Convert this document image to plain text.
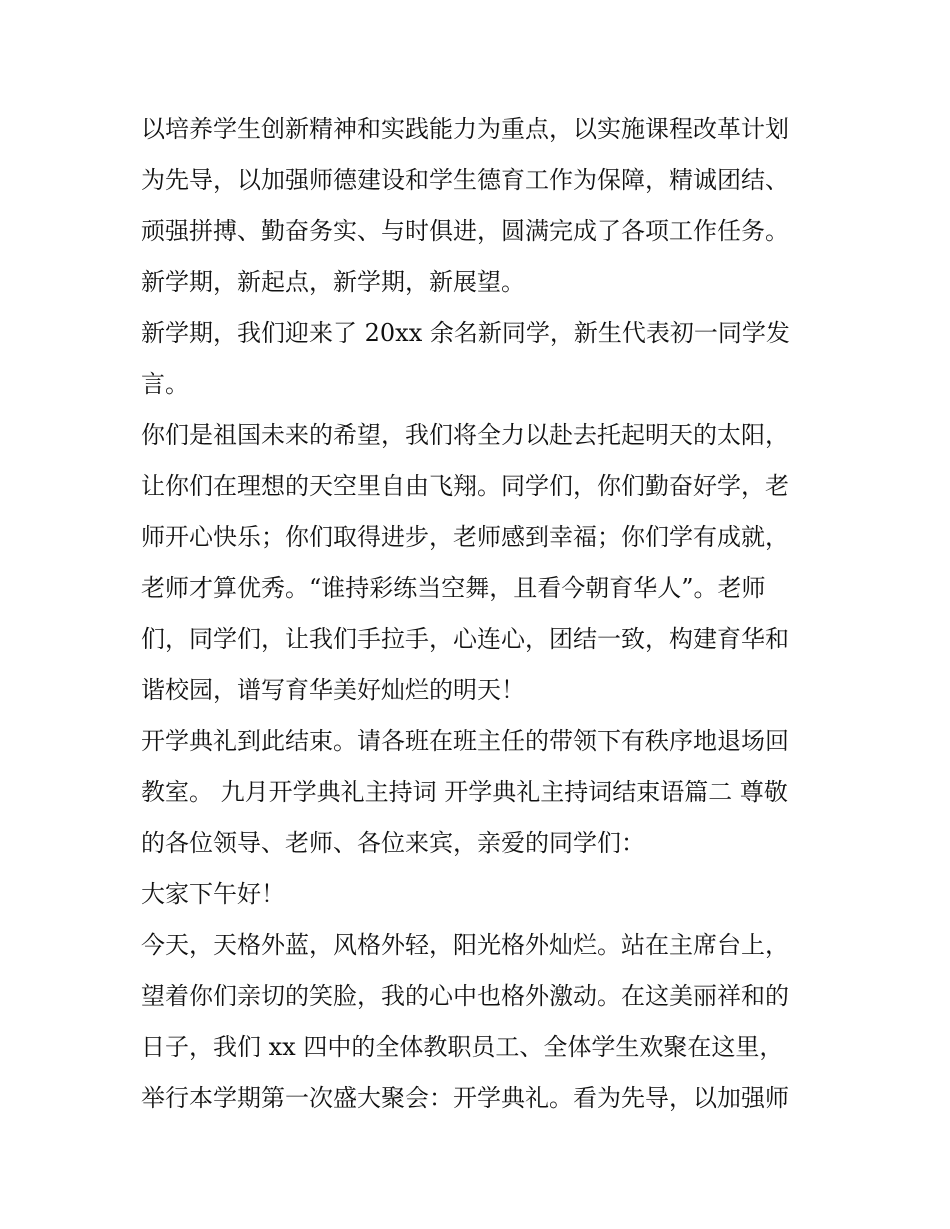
以培养学生创新精神和实践能力为重点，以实施课程改革计划
为先导，以加强师德建设和学生德育工作为保障，精诚团结、
顽强拼搏、勤奋务实、与时俱进，圆满完成了各项工作任务。
新学期，新起点，新学期，新展望。
新学期，我们迎来了 20xx 余名新同学，新生代表初一同学发
言。
你们是祖国未来的希望，我们将全力以赴去托起明天的太阳，
让你们在理想的天空里自由飞翔。同学们，你们勤奋好学，老
师开心快乐；你们取得进步，老师感到幸福；你们学有成就，
老师才算优秀。“谁持彩练当空舞，且看今朝育华人”。老师
们，同学们，让我们手拉手，心连心，团结一致，构建育华和
谐校园，谱写育华美好灿烂的明天！
开学典礼到此结束。请各班在班主任的带领下有秩序地退场回
教室。 九月开学典礼主持词 开学典礼主持词结束语篇二 尊敬
的各位领导、老师、各位来宾，亲爱的同学们：
大家下午好！
今天，天格外蓝，风格外轻，阳光格外灿烂。站在主席台上，
望着你们亲切的笑脸，我的心中也格外激动。在这美丽祥和的
日子，我们 xx 四中的全体教职员工、全体学生欢聚在这里，
举行本学期第一次盛大聚会：开学典礼。看为先导，以加强师
